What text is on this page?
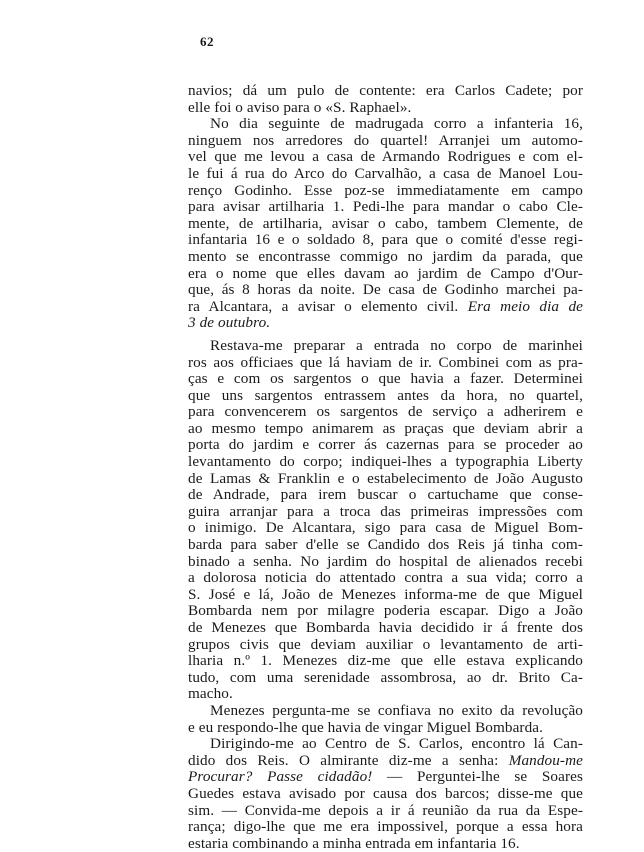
62
navios; dá um pulo de contente: era Carlos Cadete; por
elle foi o aviso para o «S. Raphael».
No dia seguinte de madrugada corro a infanteria 16,
ninguem nos arredores do quartel! Arranjei um automo-
vel que me levou a casa de Armando Rodrigues e com el-
le fui á rua do Arco do Carvalhão, a casa de Manoel Lou-
renço Godinho. Esse poz-se immediatamente em campo
para avisar artilharia 1. Pedi-lhe para mandar o cabo Cle-
mente, de artilharia, avisar o cabo, tambem Clemente, de
infantaria 16 e o soldado 8, para que o comité d'esse regi-
mento se encontrasse commigo no jardim da parada, que
era o nome que elles davam ao jardim de Campo d'Our-
que, ás 8 horas da noite. De casa de Godinho marchei pa-
ra Alcantara, a avisar o elemento civil. Era meio dia de
3 de outubro.
Restava-me preparar a entrada no corpo de marinhei
ros aos officiaes que lá haviam de ir. Combinei com as pra-
ças e com os sargentos o que havia a fazer. Determinei
que uns sargentos entrassem antes da hora, no quartel,
para convencerem os sargentos de serviço a adherirem e
ao mesmo tempo animarem as praças que deviam abrir a
porta do jardim e correr ás cazernas para se proceder ao
levantamento do corpo; indiquei-lhes a typographia Liberty
de Lamas & Franklin e o estabelecimento de João Augusto
de Andrade, para irem buscar o cartuchame que conse-
guira arranjar para a troca das primeiras impressões com
o inimigo. De Alcantara, sigo para casa de Miguel Bom-
barda para saber d'elle se Candido dos Reis já tinha com-
binado a senha. No jardim do hospital de alienados recebi
a dolorosa noticia do attentado contra a sua vida; corro a
S. José e lá, João de Menezes informa-me de que Miguel
Bombarda nem por milagre poderia escapar. Digo a João
de Menezes que Bombarda havia decidido ir á frente dos
grupos civis que deviam auxiliar o levantamento de arti-
lharia n.º 1. Menezes diz-me que elle estava explicando
tudo, com uma serenidade assombrosa, ao dr. Brito Ca-
macho.
Menezes pergunta-me se confiava no exito da revolução
e eu respondo-lhe que havia de vingar Miguel Bombarda.
Dirigindo-me ao Centro de S. Carlos, encontro lá Can-
dido dos Reis. O almirante diz-me a senha: Mandou-me
Procurar? Passe cidadão! — Perguntei-lhe se Soares
Guedes estava avisado por causa dos barcos; disse-me que
sim. — Convida-me depois a ir á reunião da rua da Espe-
rança; digo-lhe que me era impossivel, porque a essa hora
estaria combinando a minha entrada em infantaria 16.
